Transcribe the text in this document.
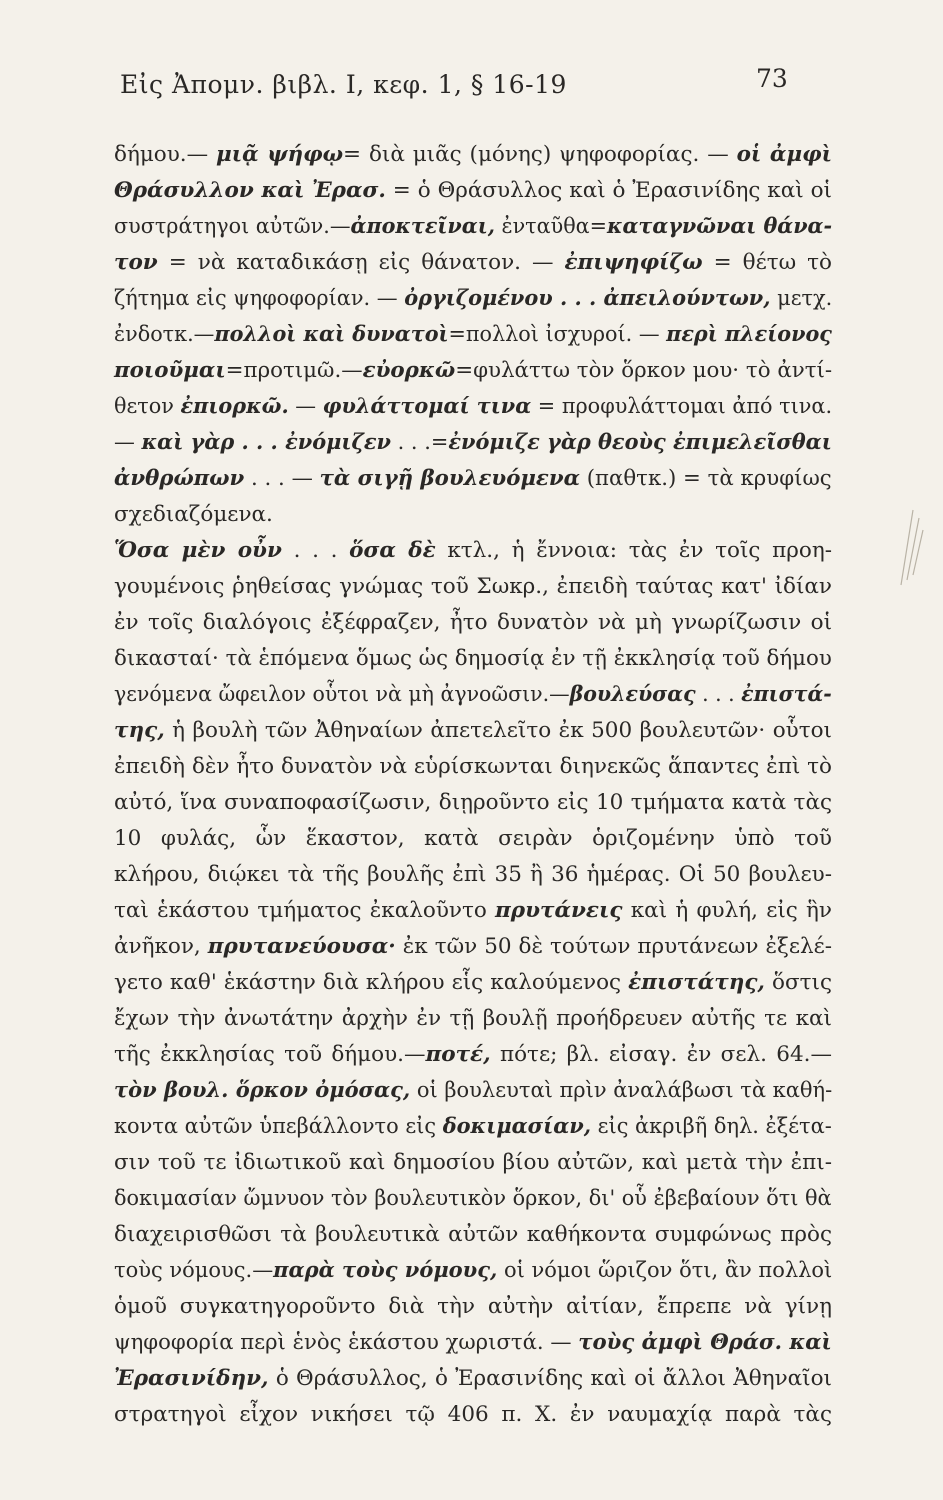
Εἰς Ἀπομν. βιβλ. Ι, κεφ. 1, § 16-19	73
δήμου.— μιᾷ ψήφῳ= διὰ μιᾶς (μόνης) ψηφοφορίας. — οἱ ἀμφὶ
Θράσυλλον καὶ Ἐρασ. = ὁ Θράσυλλος καὶ ὁ Ἐρασινίδης καὶ οἱ
συστράτηγοι αὐτῶν.—ἀποκτεῖναι, ἐνταῦθα=καταγνῶναι θάνα-
τον = νὰ καταδικάσῃ εἰς θάνατον. — ἐπιψηφίζω = θέτω τὸ
ζήτημα εἰς ψηφοφορίαν. — ὀργιζομένου . . . ἀπειλούντων, μετχ.
ἐνδοτκ.—πολλοὶ καὶ δυνατοὶ=πολλοὶ ἰσχυροί. — περὶ πλείονος
ποιοῦμαι=προτιμῶ.—εὐορκῶ=φυλάττω τὸν ὅρκον μου· τὸ ἀντί-
θετον ἐπιορκῶ. — φυλάττομαί τινα = προφυλάττομαι ἀπό τινα.
— καὶ γὰρ . . . ἐνόμιζεν . . .=ἐνόμιζε γὰρ θεοὺς ἐπιμελεῖσθαι
ἀνθρώπων . . . — τὰ σιγῇ βουλευόμενα (παθτκ.) = τὰ κρυφίως
σχεδιαζόμενα.
Ὅσα μὲν οὖν . . . ὅσα δὲ κτλ., ἡ ἔννοια: τὰς ἐν τοῖς προη-
γουμένοις ῥηθείσας γνώμας τοῦ Σωκρ., ἐπειδὴ ταύτας κατ' ἰδίαν
ἐν τοῖς διαλόγοις ἐξέφραζεν, ἦτο δυνατὸν νὰ μὴ γνωρίζωσιν οἱ
δικασταί· τὰ ἑπόμενα ὅμως ὡς δημοσίᾳ ἐν τῇ ἐκκλησίᾳ τοῦ δήμου
γενόμενα ὤφειλον οὗτοι νὰ μὴ ἀγνοῶσιν.—βουλεύσας . . . ἐπιστά-
της, ἡ βουλὴ τῶν Ἀθηναίων ἀπετελεῖτο ἐκ 500 βουλευτῶν· οὗτοι
ἐπειδὴ δὲν ἦτο δυνατὸν νὰ εὑρίσκωνται διηνεκῶς ἅπαντες ἐπὶ τὸ
αὐτό, ἵνα συναποφασίζωσιν, διῃροῦντο εἰς 10 τμήματα κατὰ τὰς
10 φυλάς, ὧν ἕκαστον, κατὰ σειρὰν ὁριζομένην ὑπὸ τοῦ
κλήρου, διῴκει τὰ τῆς βουλῆς ἐπὶ 35 ἢ 36 ἡμέρας. Οἱ 50 βουλευ-
ταὶ ἑκάστου τμήματος ἐκαλοῦντο πρυτάνεις καὶ ἡ φυλή, εἰς ἣν
ἀνῆκον, πρυτανεύουσα· ἐκ τῶν 50 δὲ τούτων πρυτάνεων ἐξελέ-
γετο καθ' ἑκάστην διὰ κλήρου εἷς καλούμενος ἐπιστάτης, ὅστις
ἔχων τὴν ἀνωτάτην ἀρχὴν ἐν τῇ βουλῇ προήδρευεν αὐτῆς τε καὶ
τῆς ἐκκλησίας τοῦ δήμου.—ποτέ, πότε; βλ. εἰσαγ. ἐν σελ. 64.—
τὸν βουλ. ὅρκον ὀμόσας, οἱ βουλευταὶ πρὶν ἀναλάβωσι τὰ καθή-
κοντα αὐτῶν ὑπεβάλλοντο εἰς δοκιμασίαν, εἰς ἀκριβῆ δηλ. ἐξέτα-
σιν τοῦ τε ἰδιωτικοῦ καὶ δημοσίου βίου αὐτῶν, καὶ μετὰ τὴν ἐπι-
δοκιμασίαν ὤμνυον τὸν βουλευτικὸν ὅρκον, δι' οὗ ἐβεβαίουν ὅτι θὰ
διαχειρισθῶσι τὰ βουλευτικὰ αὐτῶν καθήκοντα συμφώνως πρὸς
τοὺς νόμους.—παρὰ τοὺς νόμους, οἱ νόμοι ὥριζον ὅτι, ἂν πολλοὶ
ὁμοῦ συγκατηγοροῦντο διὰ τὴν αὐτὴν αἰτίαν, ἔπρεπε νὰ γίνῃ
ψηφοφορία περὶ ἑνὸς ἑκάστου χωριστά. — τοὺς ἀμφὶ Θράσ. καὶ
Ἐρασινίδην, ὁ Θράσυλλος, ὁ Ἐρασινίδης καὶ οἱ ἄλλοι Ἀθηναῖοι
στρατηγοὶ εἶχον νικήσει τῷ 406 π. Χ. ἐν ναυμαχίᾳ παρὰ τὰς
